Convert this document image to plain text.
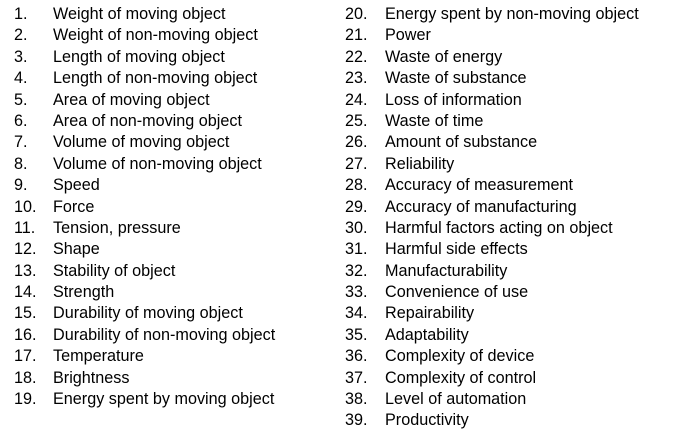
1.	Weight of moving object
2.	Weight of non-moving object
3.	Length of moving object
4.	Length of non-moving object
5.	Area of moving object
6.	Area of non-moving object
7.	Volume of moving object
8.	Volume of non-moving object
9.	Speed
10.	Force
11.	Tension, pressure
12.	Shape
13.	Stability of object
14.	Strength
15.	Durability of moving object
16.	Durability of non-moving object
17.	Temperature
18.	Brightness
19.	Energy spent by moving object
20.	Energy spent by non-moving object
21.	Power
22.	Waste of energy
23.	Waste of substance
24.	Loss of information
25.	Waste of time
26.	Amount of substance
27.	Reliability
28.	Accuracy of measurement
29.	Accuracy of manufacturing
30.	Harmful factors acting on object
31.	Harmful side effects
32.	Manufacturability
33.	Convenience of use
34.	Repairability
35.	Adaptability
36.	Complexity of device
37.	Complexity of control
38.	Level of automation
39.	Productivity
